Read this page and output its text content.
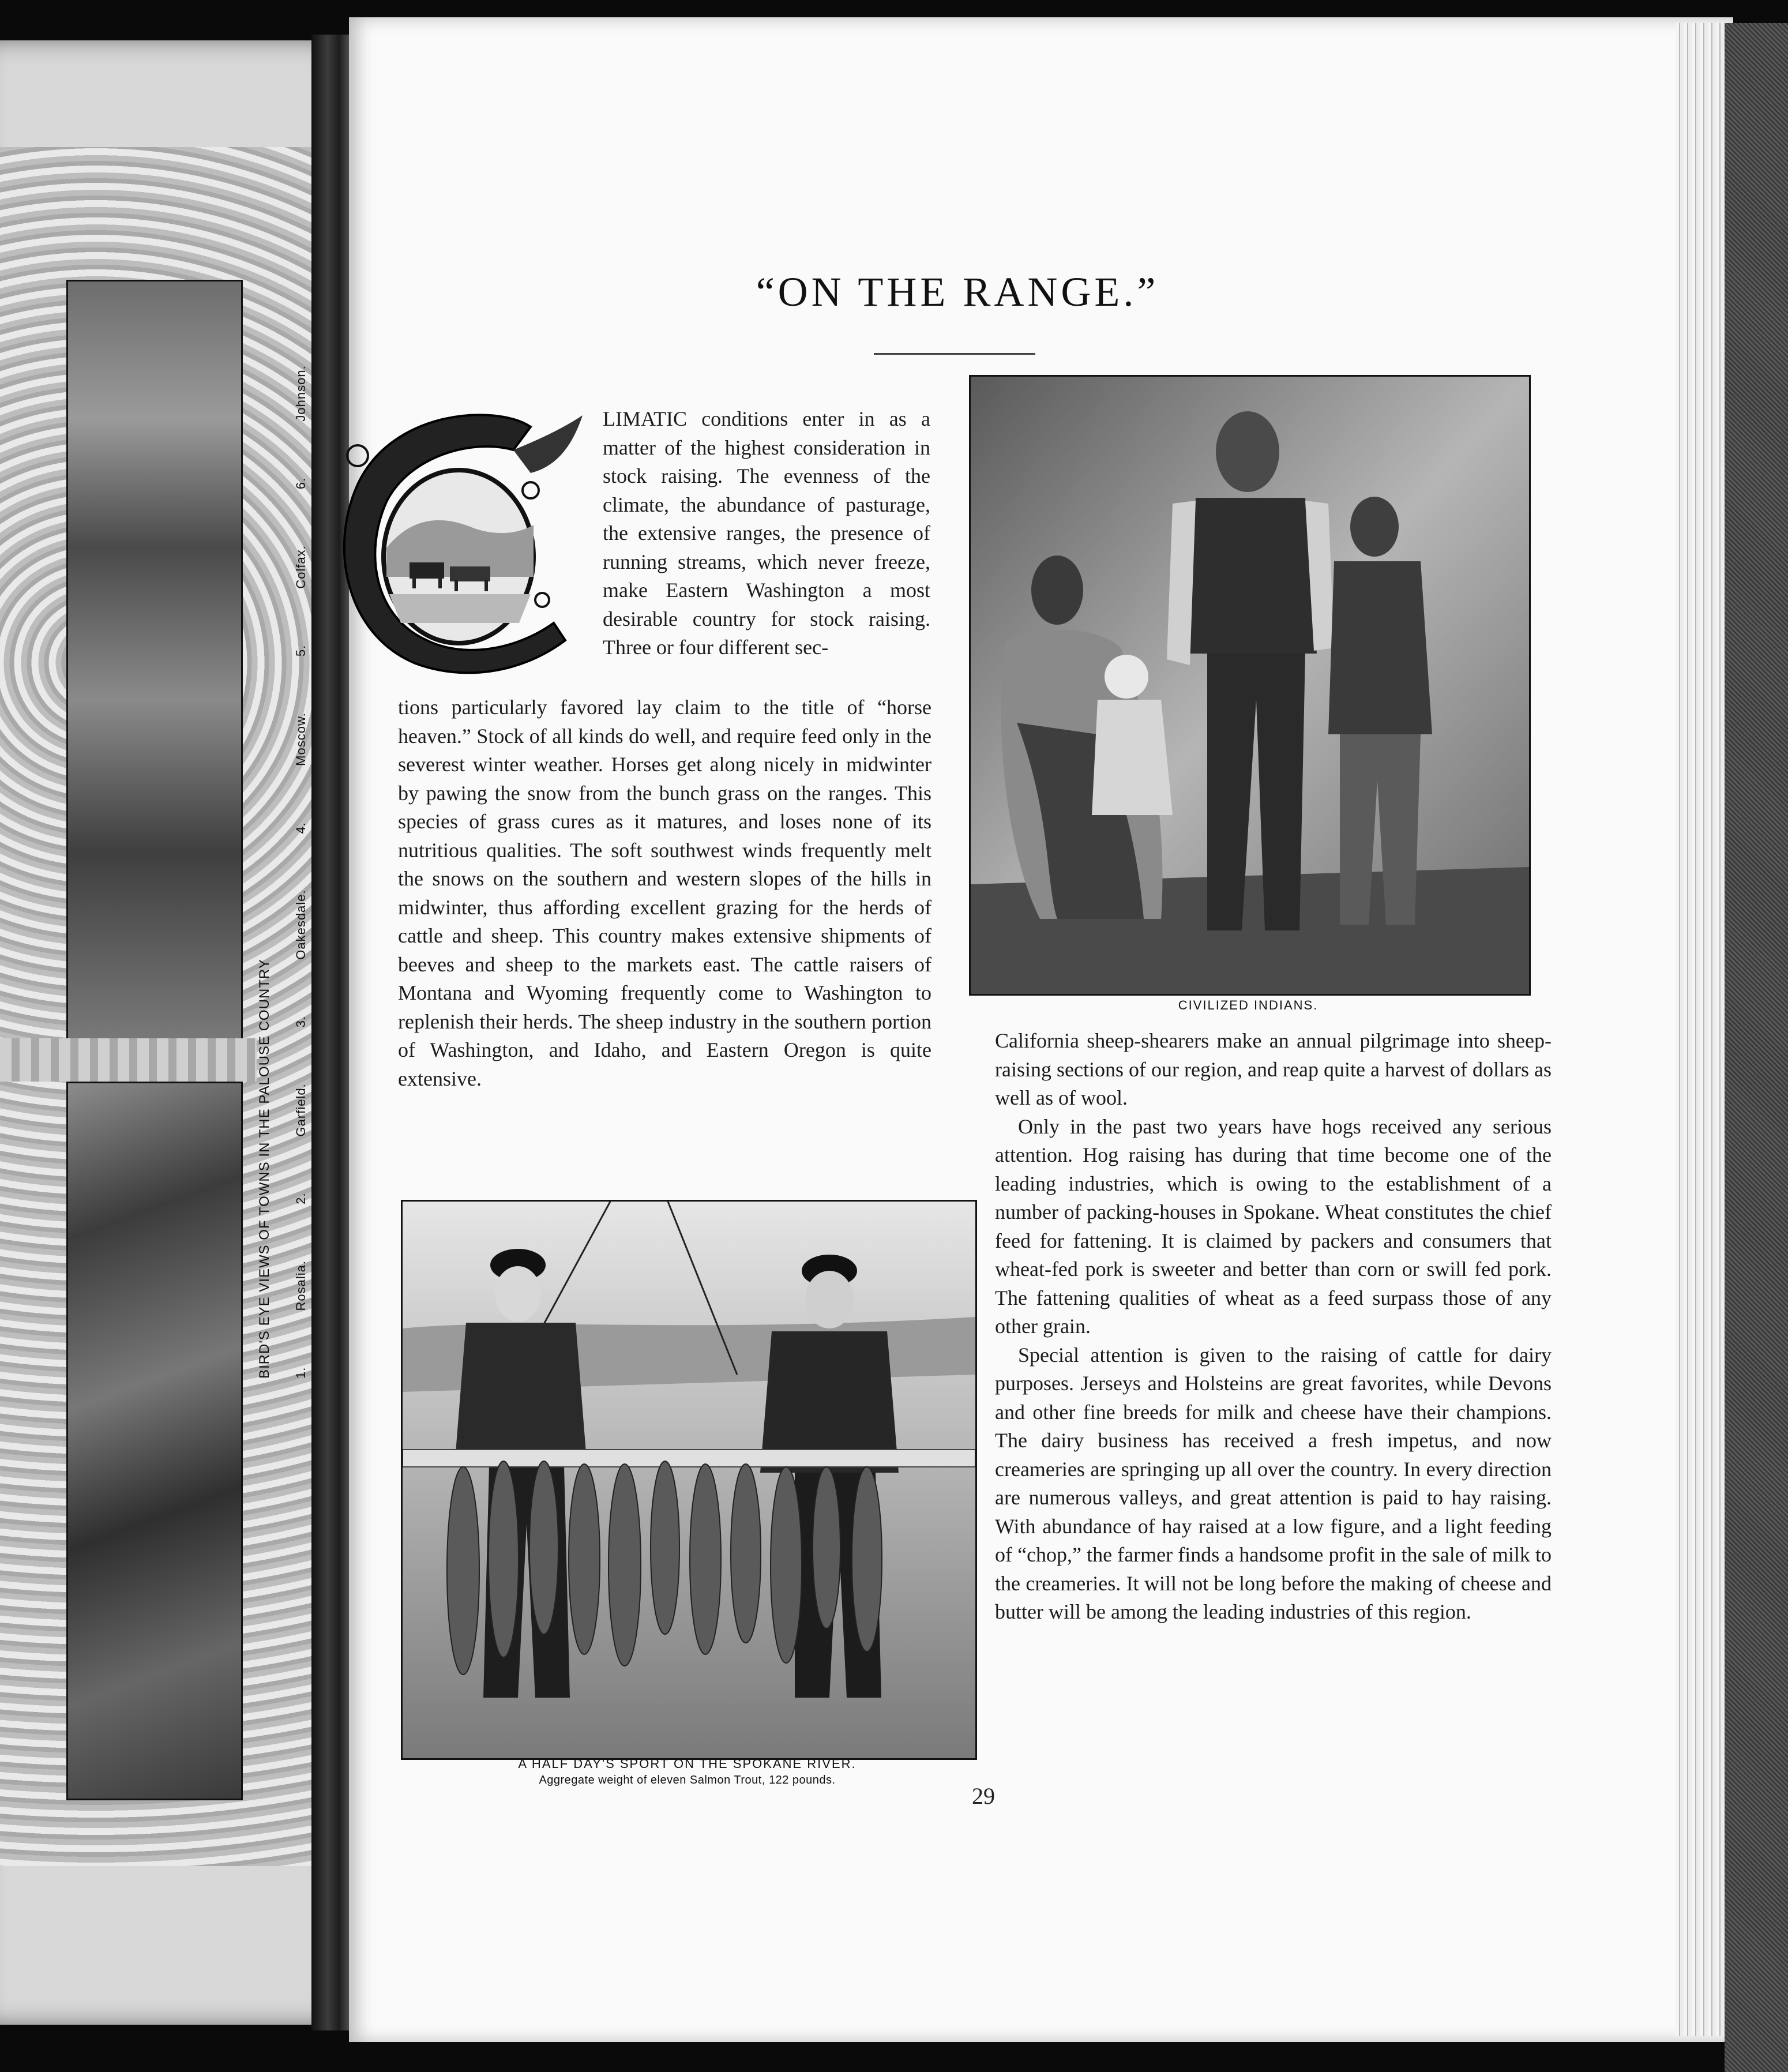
BIRD'S EYE VIEWS OF TOWNS IN THE PALOUSE COUNTRY 1. Rosalia. 2. Garfield. 3. Oakesdale. 4. Moscow. 5. Colfax. 6. Johnson.
“ON THE RANGE.”
LIMATIC conditions enter in as a matter of the highest consideration in stock raising. The evenness of the climate, the abundance of pasturage, the extensive ranges, the presence of running streams, which never freeze, make Eastern Washington a most desirable country for stock raising. Three or four different sec-
tions particularly favored lay claim to the title of “horse heaven.” Stock of all kinds do well, and require feed only in the severest winter weather. Horses get along nicely in midwinter by pawing the snow from the bunch grass on the ranges. This species of grass cures as it matures, and loses none of its nutritious qualities. The soft southwest winds frequently melt the snows on the southern and western slopes of the hills in midwinter, thus affording excellent grazing for the herds of cattle and sheep. This country makes extensive shipments of beeves and sheep to the markets east. The cattle raisers of Montana and Wyoming frequently come to Washington to replenish their herds. The sheep industry in the southern portion of Washington, and Idaho, and Eastern Oregon is quite extensive.
CIVILIZED INDIANS.

California sheep-shearers make an annual pilgrimage into sheep-raising sections of our region, and reap quite a harvest of dollars as well as of wool.

Only in the past two years have hogs received any serious attention. Hog raising has during that time become one of the leading industries, which is owing to the establishment of a number of packing-houses in Spokane. Wheat constitutes the chief feed for fattening. It is claimed by packers and consumers that wheat-fed pork is sweeter and better than corn or swill fed pork. The fattening qualities of wheat as a feed surpass those of any other grain.

Special attention is given to the raising of cattle for dairy purposes. Jerseys and Holsteins are great favorites, while Devons and other fine breeds for milk and cheese have their champions. The dairy business has received a fresh impetus, and now creameries are springing up all over the country. In every direction are numerous valleys, and great attention is paid to hay raising. With abundance of hay raised at a low figure, and a light feeding of “chop,” the farmer finds a handsome profit in the sale of milk to the creameries. It will not be long before the making of cheese and butter will be among the leading industries of this region.

A HALF DAY'S SPORT ON THE SPOKANE RIVER.
Aggregate weight of eleven Salmon Trout, 122 pounds.
29
